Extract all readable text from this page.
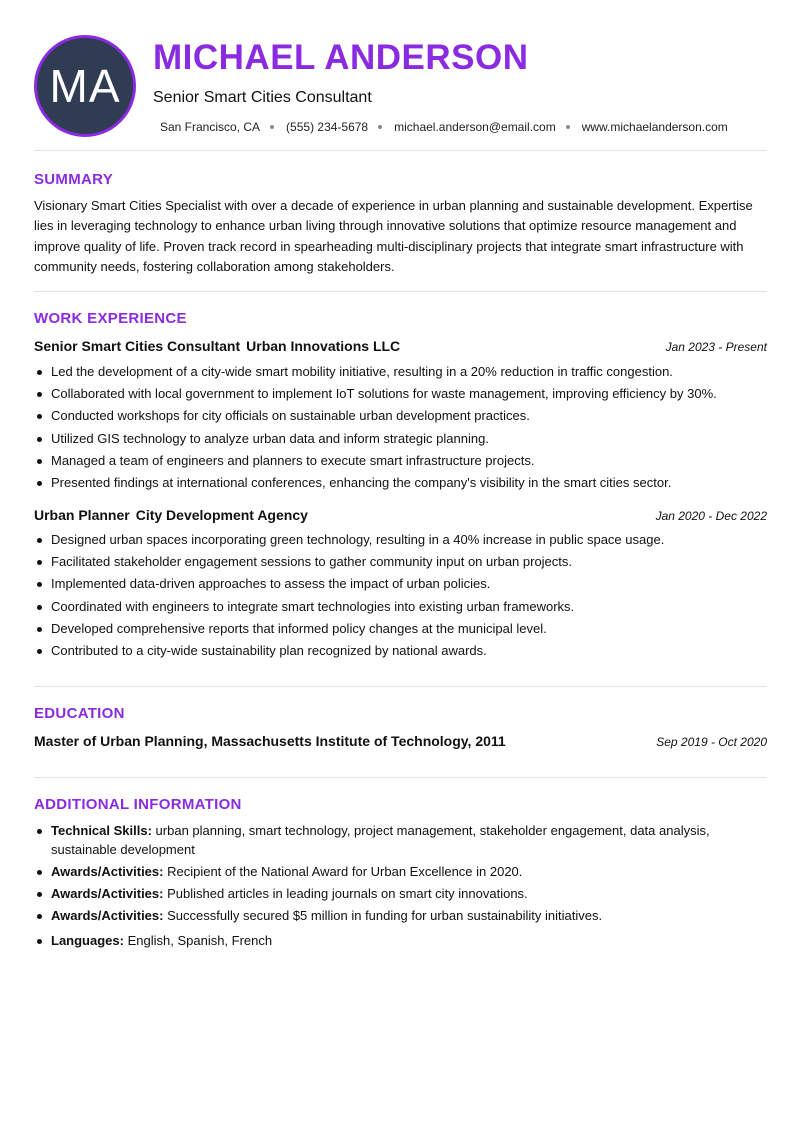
MA
MICHAEL ANDERSON
Senior Smart Cities Consultant
San Francisco, CA (555) 234-5678 michael.anderson@email.com www.michaelanderson.com
SUMMARY

Visionary Smart Cities Specialist with over a decade of experience in urban planning and sustainable development. Expertise lies in leveraging technology to enhance urban living through innovative solutions that optimize resource management and improve quality of life. Proven track record in spearheading multi-disciplinary projects that integrate smart infrastructure with community needs, fostering collaboration among stakeholders.

WORK EXPERIENCE
Senior Smart Cities Consultant Urban Innovations LLC	Jan 2023 - Present
Led the development of a city-wide smart mobility initiative, resulting in a 20% reduction in traffic congestion.
Collaborated with local government to implement IoT solutions for waste management, improving efficiency by 30%.
Conducted workshops for city officials on sustainable urban development practices.
Utilized GIS technology to analyze urban data and inform strategic planning.
Managed a team of engineers and planners to execute smart infrastructure projects.
Presented findings at international conferences, enhancing the company's visibility in the smart cities sector.
Urban Planner City Development Agency	Jan 2020 - Dec 2022
Designed urban spaces incorporating green technology, resulting in a 40% increase in public space usage.
Facilitated stakeholder engagement sessions to gather community input on urban projects.
Implemented data-driven approaches to assess the impact of urban policies.
Coordinated with engineers to integrate smart technologies into existing urban frameworks.
Developed comprehensive reports that informed policy changes at the municipal level.
Contributed to a city-wide sustainability plan recognized by national awards.
EDUCATION
Master of Urban Planning, Massachusetts Institute of Technology, 2011	Sep 2019 - Oct 2020
ADDITIONAL INFORMATION
Technical Skills: urban planning, smart technology, project management, stakeholder engagement, data analysis, sustainable development
Awards/Activities: Recipient of the National Award for Urban Excellence in 2020.
Awards/Activities: Published articles in leading journals on smart city innovations.
Awards/Activities: Successfully secured $5 million in funding for urban sustainability initiatives.
Languages: English, Spanish, French
